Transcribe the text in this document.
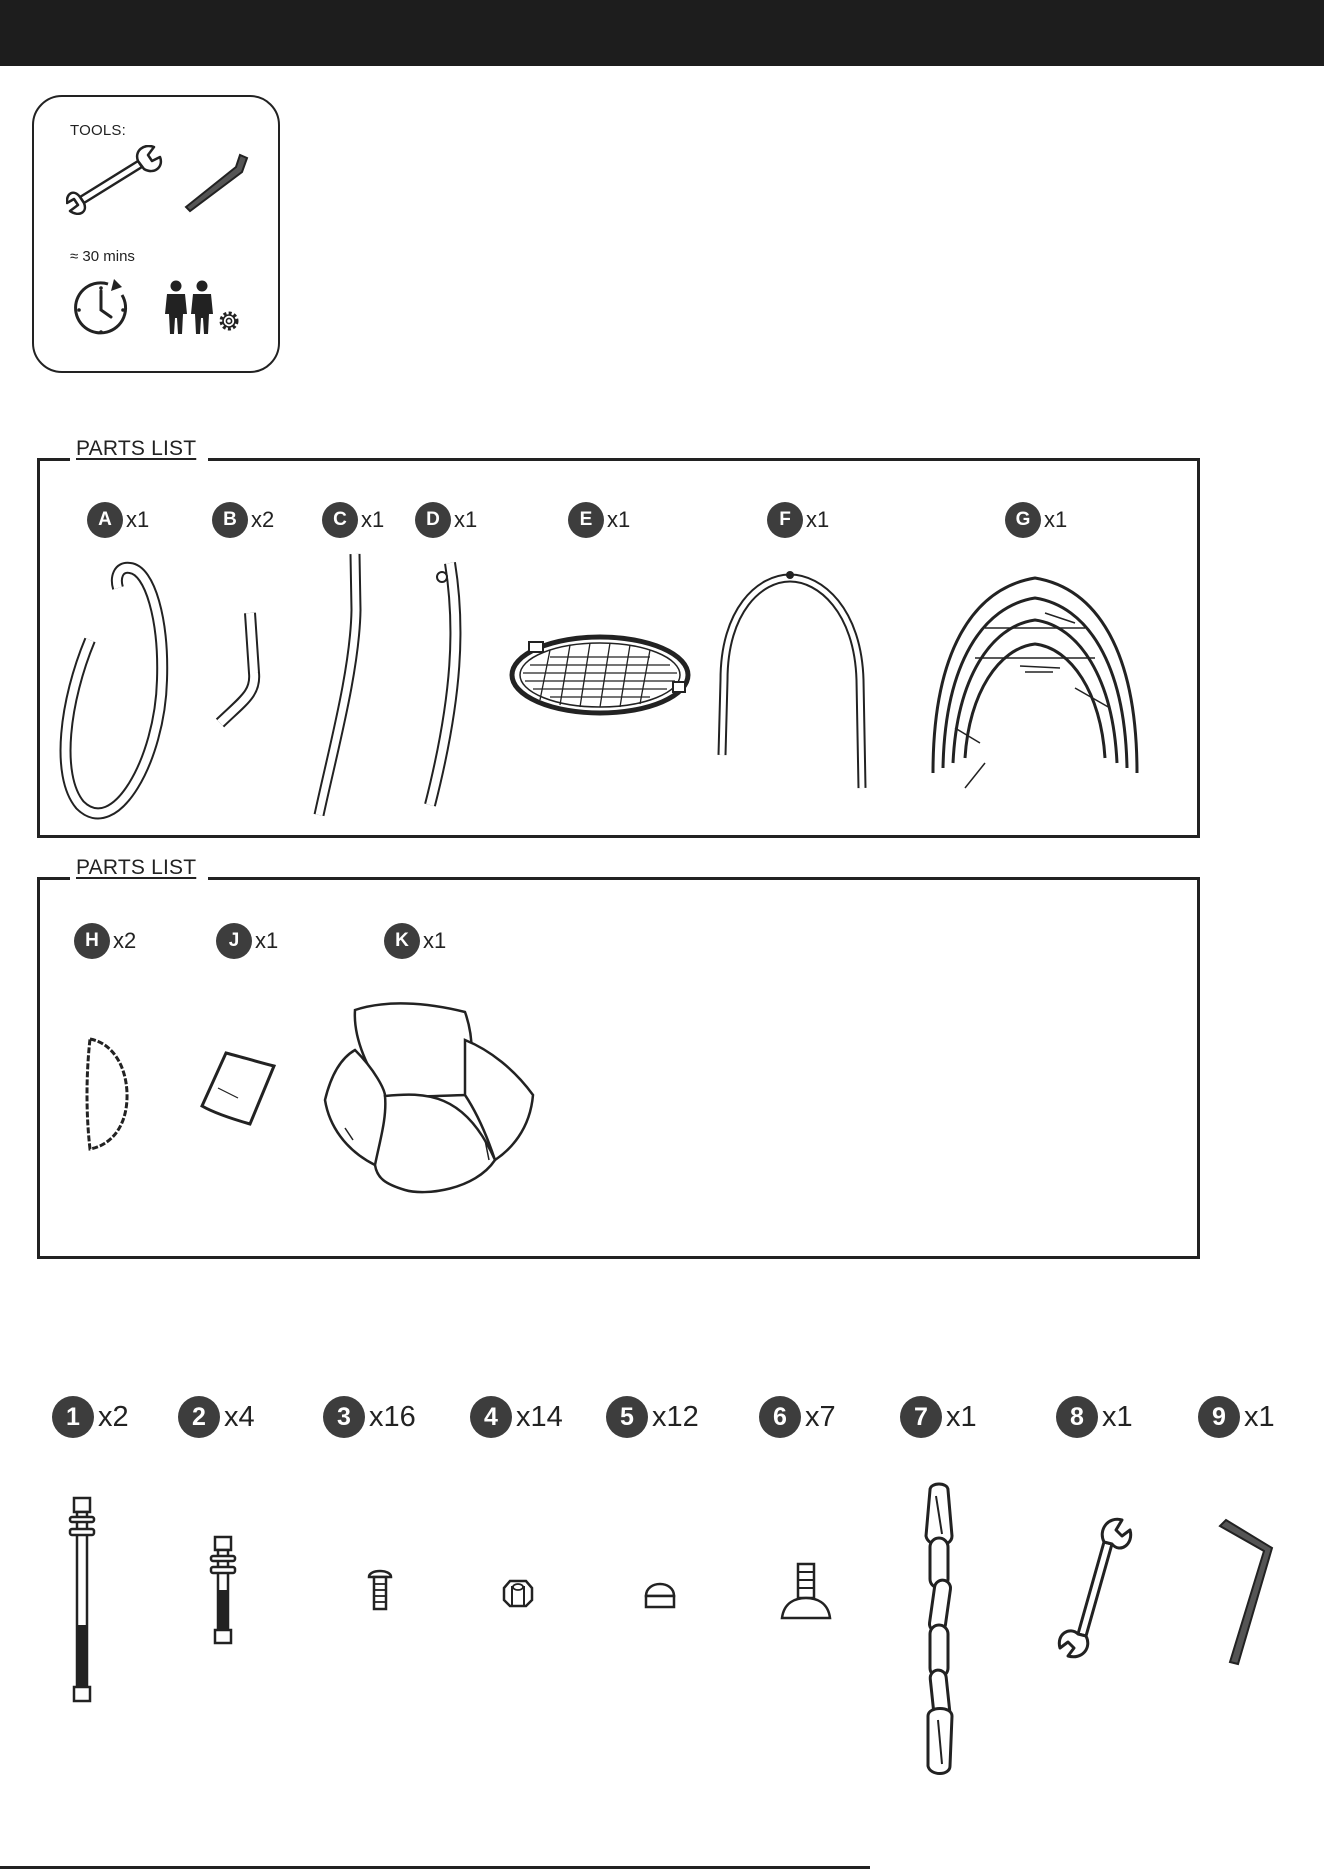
TOOLS:
≈ 30 mins
PARTS LIST
A x1	B x2	C x1	D x1	E x1	F x1	G x1
PARTS LIST
H x2	J x1	K x1
1 x2	2 x4	3 x16	4 x14	5 x12	6 x7	7 x1	8 x1	9 x1
